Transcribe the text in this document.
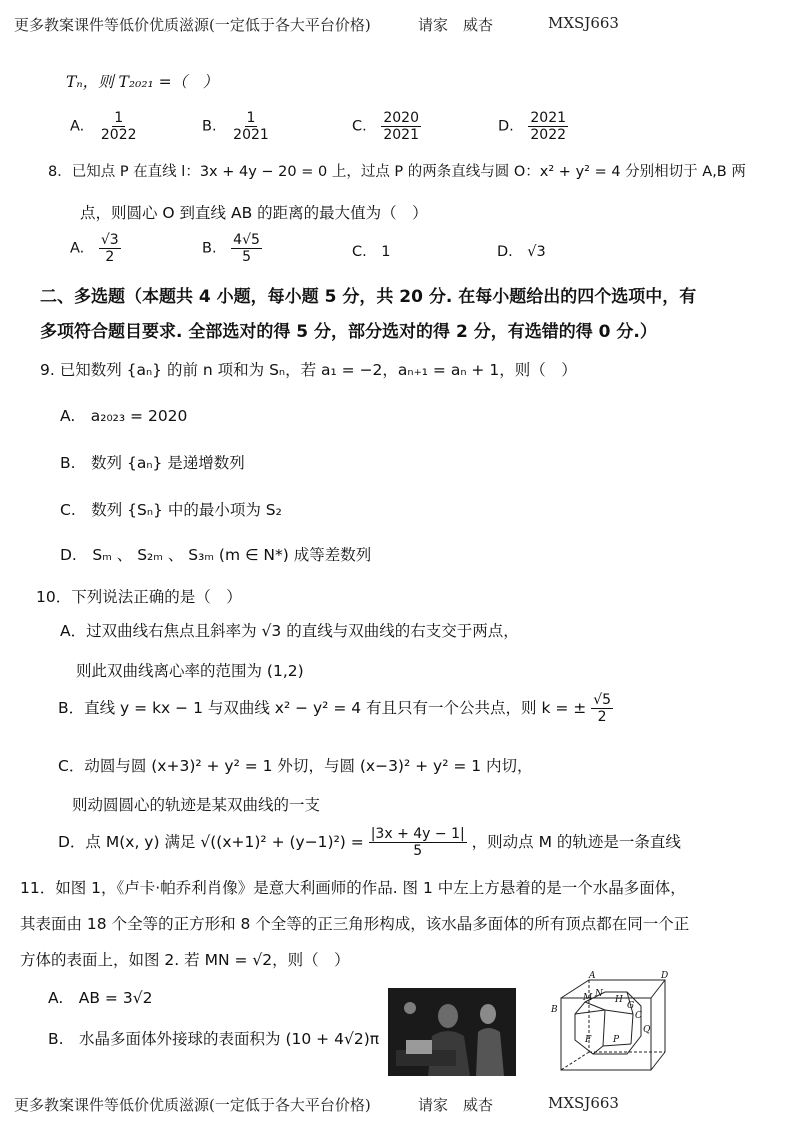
更多教案课件等低价优质滋源(一定低于各大平台价格)	请家　威杏	MXSJ663
Tₙ，则 T₂₀₂₁ =（　）
A. $\frac{1}{2022}$	B. $\frac{1}{2021}$	C. $\frac{2020}{2021}$	D. $\frac{2021}{2022}$
8．已知点 P 在直线 l：3x + 4y − 20 = 0 上，过点 P 的两条直线与圆 O：x² + y² = 4 分别相切于 A,B 两
点，则圆心 O 到直线 AB 的距离的最大值为（　）
A. $\frac{√3}{2}$	B. $\frac{4√5}{5}$	C.　1	D.　√3
二、多选题（本题共 4 小题，每小题 5 分，共 20 分. 在每小题给出的四个选项中，有
多项符合题目要求. 全部选对的得 5 分，部分选对的得 2 分，有选错的得 0 分.）
9. 已知数列 {aₙ} 的前 n 项和为 Sₙ，若 a₁ = −2，aₙ₊₁ = aₙ + 1，则（　）
A.　a₂₀₂₃ = 2020
B.　数列 {aₙ} 是递增数列
C.　数列 {Sₙ} 中的最小项为 S₂
D.　Sₘ 、 S₂ₘ 、 S₃ₘ (m ∈ N*) 成等差数列
10．下列说法正确的是（　）
A．过双曲线右焦点且斜率为 √3 的直线与双曲线的右支交于两点，
则此双曲线离心率的范围为 (1,2)
B．直线 y = kx − 1 与双曲线 x² − y² = 4 有且只有一个公共点，则 k = ± $\frac{√5}{2}$
C．动圆与圆 (x+3)² + y² = 1 外切，与圆 (x−3)² + y² = 1 内切，
则动圆圆心的轨迹是某双曲线的一支
D．点 M(x, y) 满足 $√((x+1)^2 + (y-1)^2) = \frac{|3x + 4y - 1|}{5}$ ，则动点 M 的轨迹是一条直线
11．如图 1，《卢卡·帕乔利肖像》是意大利画师的作品. 图 1 中左上方悬着的是一个水晶多面体，
其表面由 18 个全等的正方形和 8 个全等的正三角形构成，该水晶多面体的所有顶点都在同一个正
方体的表面上，如图 2. 若 MN = √2，则（　）
A.　AB = 3√2
B.　水晶多面体外接球的表面积为 (10 + 4√2)π
A	D
B
N
M	H
G
C
Q
F P
更多教案课件等低价优质滋源(一定低于各大平台价格)	请家　威杏	MXSJ663
